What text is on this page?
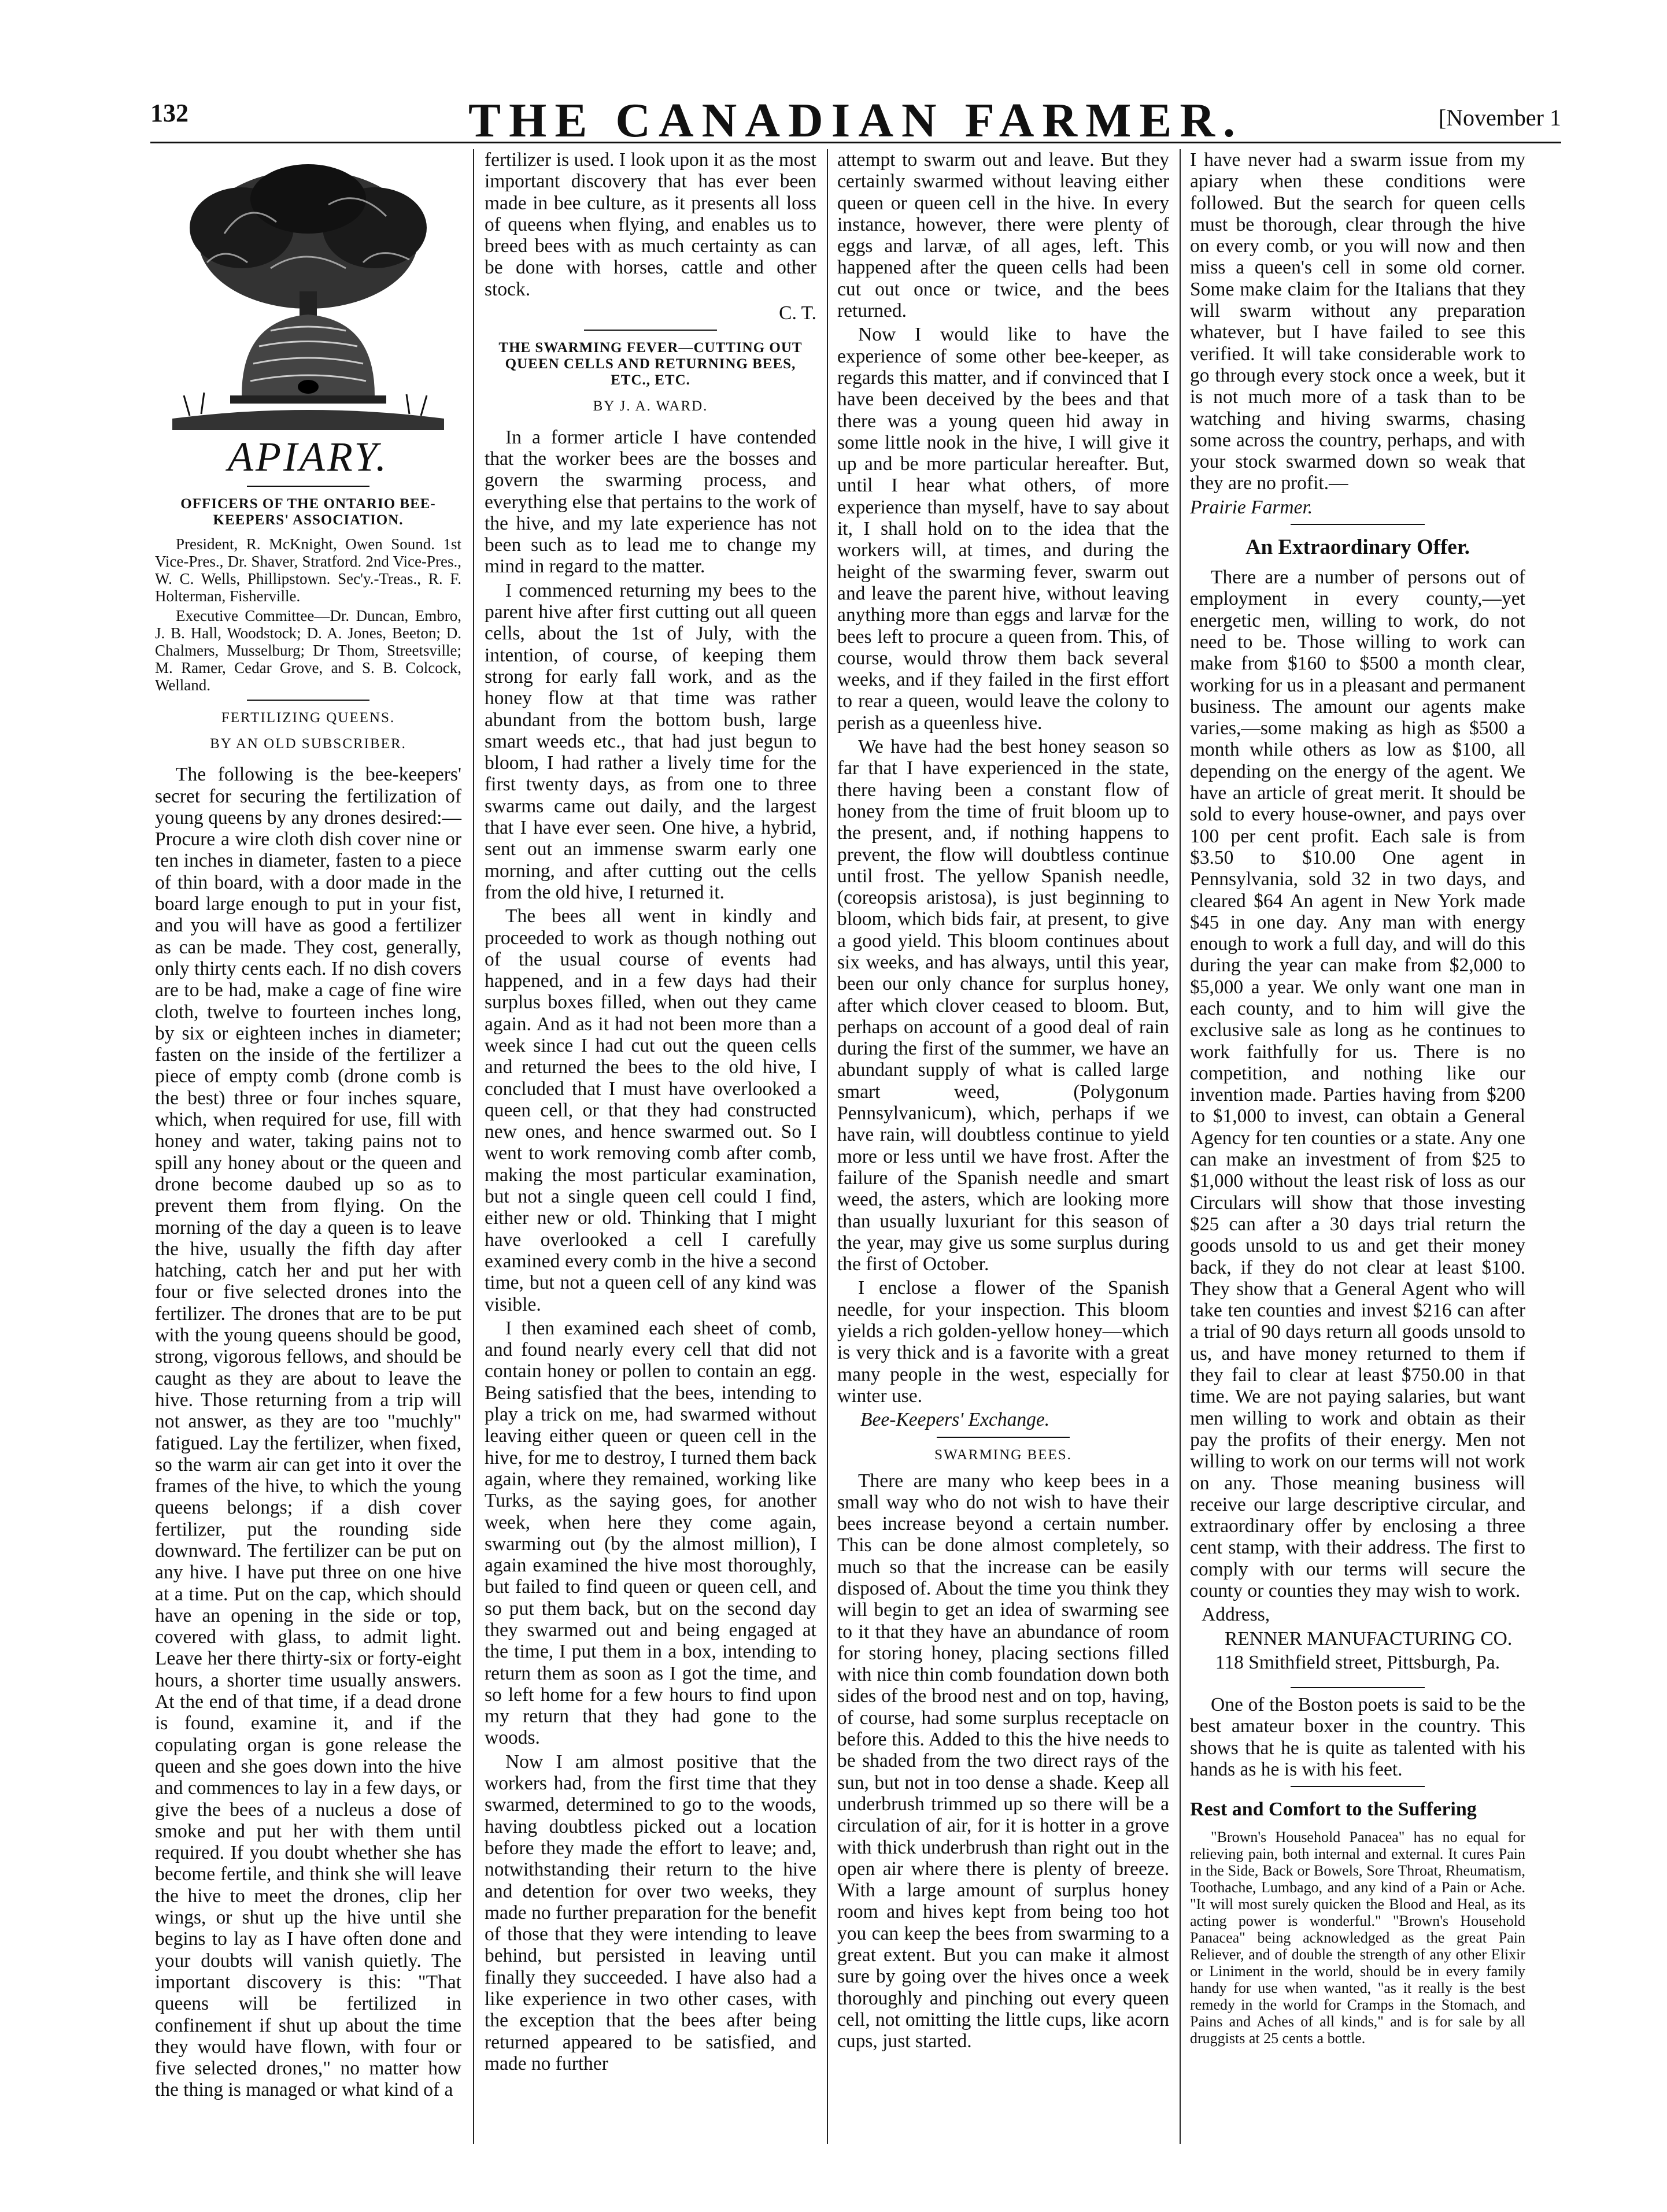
132	THE CANADIAN FARMER.	[November 1
APIARY.
OFFICERS OF THE ONTARIO BEE-KEEPERS' ASSOCIATION.

President, R. McKnight, Owen Sound. 1st Vice-Pres., Dr. Shaver, Stratford. 2nd Vice-Pres., W. C. Wells, Phillipstown. Sec'y.-Treas., R. F. Holterman, Fisherville.

Executive Committee—Dr. Duncan, Embro, J. B. Hall, Woodstock; D. A. Jones, Beeton; D. Chalmers, Musselburg; Dr Thom, Streetsville; M. Ramer, Cedar Grove, and S. B. Colcock, Welland.

FERTILIZING QUEENS.
BY AN OLD SUBSCRIBER.

The following is the bee-keepers' secret for securing the fertilization of young queens by any drones desired:—Procure a wire cloth dish cover nine or ten inches in diameter, fasten to a piece of thin board, with a door made in the board large enough to put in your fist, and you will have as good a fertilizer as can be made. They cost, generally, only thirty cents each. If no dish covers are to be had, make a cage of fine wire cloth, twelve to fourteen inches long, by six or eighteen inches in diameter; fasten on the inside of the fertilizer a piece of empty comb (drone comb is the best) three or four inches square, which, when required for use, fill with honey and water, taking pains not to spill any honey about or the queen and drone become daubed up so as to prevent them from flying. On the morning of the day a queen is to leave the hive, usually the fifth day after hatching, catch her and put her with four or five selected drones into the fertilizer. The drones that are to be put with the young queens should be good, strong, vigorous fellows, and should be caught as they are about to leave the hive. Those returning from a trip will not answer, as they are too "muchly" fatigued. Lay the fertilizer, when fixed, so the warm air can get into it over the frames of the hive, to which the young queens belongs; if a dish cover fertilizer, put the rounding side downward. The fertilizer can be put on any hive. I have put three on one hive at a time. Put on the cap, which should have an opening in the side or top, covered with glass, to admit light. Leave her there thirty-six or forty-eight hours, a shorter time usually answers. At the end of that time, if a dead drone is found, examine it, and if the copulating organ is gone release the queen and she goes down into the hive and commences to lay in a few days, or give the bees of a nucleus a dose of smoke and put her with them until required. If you doubt whether she has become fertile, and think she will leave the hive to meet the drones, clip her wings, or shut up the hive until she begins to lay as I have often done and your doubts will vanish quietly. The important discovery is this: "That queens will be fertilized in confinement if shut up about the time they would have flown, with four or five selected drones," no matter how the thing is managed or what kind of a

fertilizer is used. I look upon it as the most important discovery that has ever been made in bee culture, as it presents all loss of queens when flying, and enables us to breed bees with as much certainty as can be done with horses, cattle and other stock.

C. T.
THE SWARMING FEVER—CUTTING OUT QUEEN CELLS AND RETURNING BEES, ETC., ETC.
BY J. A. WARD.

In a former article I have contended that the worker bees are the bosses and govern the swarming process, and everything else that pertains to the work of the hive, and my late experience has not been such as to lead me to change my mind in regard to the matter.

I commenced returning my bees to the parent hive after first cutting out all queen cells, about the 1st of July, with the intention, of course, of keeping them strong for early fall work, and as the honey flow at that time was rather abundant from the bottom bush, large smart weeds etc., that had just begun to bloom, I had rather a lively time for the first twenty days, as from one to three swarms came out daily, and the largest that I have ever seen. One hive, a hybrid, sent out an immense swarm early one morning, and after cutting out the cells from the old hive, I returned it.

The bees all went in kindly and proceeded to work as though nothing out of the usual course of events had happened, and in a few days had their surplus boxes filled, when out they came again. And as it had not been more than a week since I had cut out the queen cells and returned the bees to the old hive, I concluded that I must have overlooked a queen cell, or that they had constructed new ones, and hence swarmed out. So I went to work removing comb after comb, making the most particular examination, but not a single queen cell could I find, either new or old. Thinking that I might have overlooked a cell I carefully examined every comb in the hive a second time, but not a queen cell of any kind was visible.

I then examined each sheet of comb, and found nearly every cell that did not contain honey or pollen to contain an egg. Being satisfied that the bees, intending to play a trick on me, had swarmed without leaving either queen or queen cell in the hive, for me to destroy, I turned them back again, where they remained, working like Turks, as the saying goes, for another week, when here they come again, swarming out (by the almost million), I again examined the hive most thoroughly, but failed to find queen or queen cell, and so put them back, but on the second day they swarmed out and being engaged at the time, I put them in a box, intending to return them as soon as I got the time, and so left home for a few hours to find upon my return that they had gone to the woods.

Now I am almost positive that the workers had, from the first time that they swarmed, determined to go to the woods, having doubtless picked out a location before they made the effort to leave; and, notwithstanding their return to the hive and detention for over two weeks, they made no further preparation for the benefit of those that they were intending to leave behind, but persisted in leaving until finally they succeeded. I have also had a like experience in two other cases, with the exception that the bees after being returned appeared to be satisfied, and made no further

attempt to swarm out and leave. But they certainly swarmed without leaving either queen or queen cell in the hive. In every instance, however, there were plenty of eggs and larvæ, of all ages, left. This happened after the queen cells had been cut out once or twice, and the bees returned.

Now I would like to have the experience of some other bee-keeper, as regards this matter, and if convinced that I have been deceived by the bees and that there was a young queen hid away in some little nook in the hive, I will give it up and be more particular hereafter. But, until I hear what others, of more experience than myself, have to say about it, I shall hold on to the idea that the workers will, at times, and during the height of the swarming fever, swarm out and leave the parent hive, without leaving anything more than eggs and larvæ for the bees left to procure a queen from. This, of course, would throw them back several weeks, and if they failed in the first effort to rear a queen, would leave the colony to perish as a queenless hive.

We have had the best honey season so far that I have experienced in the state, there having been a constant flow of honey from the time of fruit bloom up to the present, and, if nothing happens to prevent, the flow will doubtless continue until frost. The yellow Spanish needle, (coreopsis aristosa), is just beginning to bloom, which bids fair, at present, to give a good yield. This bloom continues about six weeks, and has always, until this year, been our only chance for surplus honey, after which clover ceased to bloom. But, perhaps on account of a good deal of rain during the first of the summer, we have an abundant supply of what is called large smart weed, (Polygonum Pennsylvanicum), which, perhaps if we have rain, will doubtless continue to yield more or less until we have frost. After the failure of the Spanish needle and smart weed, the asters, which are looking more than usually luxuriant for this season of the year, may give us some surplus during the first of October.

I enclose a flower of the Spanish needle, for your inspection. This bloom yields a rich golden-yellow honey—which is very thick and is a favorite with a great many people in the west, especially for winter use.

Bee-Keepers' Exchange.
SWARMING BEES.

There are many who keep bees in a small way who do not wish to have their bees increase beyond a certain number. This can be done almost completely, so much so that the increase can be easily disposed of. About the time you think they will begin to get an idea of swarming see to it that they have an abundance of room for storing honey, placing sections filled with nice thin comb foundation down both sides of the brood nest and on top, having, of course, had some surplus receptacle on before this. Added to this the hive needs to be shaded from the two direct rays of the sun, but not in too dense a shade. Keep all underbrush trimmed up so there will be a circulation of air, for it is hotter in a grove with thick underbrush than right out in the open air where there is plenty of breeze. With a large amount of surplus honey room and hives kept from being too hot you can keep the bees from swarming to a great extent. But you can make it almost sure by going over the hives once a week thoroughly and pinching out every queen cell, not omitting the little cups, like acorn cups, just started.

I have never had a swarm issue from my apiary when these conditions were followed. But the search for queen cells must be thorough, clear through the hive on every comb, or you will now and then miss a queen's cell in some old corner. Some make claim for the Italians that they will swarm without any preparation whatever, but I have failed to see this verified. It will take considerable work to go through every stock once a week, but it is not much more of a task than to be watching and hiving swarms, chasing some across the country, perhaps, and with your stock swarmed down so weak that they are no profit.—

Prairie Farmer.
An Extraordinary Offer.

There are a number of persons out of employment in every county,—yet energetic men, willing to work, do not need to be. Those willing to work can make from $160 to $500 a month clear, working for us in a pleasant and permanent business. The amount our agents make varies,—some making as high as $500 a month while others as low as $100, all depending on the energy of the agent. We have an article of great merit. It should be sold to every house-owner, and pays over 100 per cent profit. Each sale is from $3.50 to $10.00 One agent in Pennsylvania, sold 32 in two days, and cleared $64 An agent in New York made $45 in one day. Any man with energy enough to work a full day, and will do this during the year can make from $2,000 to $5,000 a year. We only want one man in each county, and to him will give the exclusive sale as long as he continues to work faithfully for us. There is no competition, and nothing like our invention made. Parties having from $200 to $1,000 to invest, can obtain a General Agency for ten counties or a state. Any one can make an investment of from $25 to $1,000 without the least risk of loss as our Circulars will show that those investing $25 can after a 30 days trial return the goods unsold to us and get their money back, if they do not clear at least $100. They show that a General Agent who will take ten counties and invest $216 can after a trial of 90 days return all goods unsold to us, and have money returned to them if they fail to clear at least $750.00 in that time. We are not paying salaries, but want men willing to work and obtain as their pay the profits of their energy. Men not willing to work on our terms will not work on any. Those meaning business will receive our large descriptive circular, and extraordinary offer by enclosing a three cent stamp, with their address. The first to comply with our terms will secure the county or counties they may wish to work.

Address,

RENNER MANUFACTURING CO.

118 Smithfield street, Pittsburgh, Pa.

One of the Boston poets is said to be the best amateur boxer in the country. This shows that he is quite as talented with his hands as he is with his feet.

Rest and Comfort to the Suffering

"Brown's Household Panacea" has no equal for relieving pain, both internal and external. It cures Pain in the Side, Back or Bowels, Sore Throat, Rheumatism, Toothache, Lumbago, and any kind of a Pain or Ache. "It will most surely quicken the Blood and Heal, as its acting power is wonderful." "Brown's Household Panacea" being acknowledged as the great Pain Reliever, and of double the strength of any other Elixir or Liniment in the world, should be in every family handy for use when wanted, "as it really is the best remedy in the world for Cramps in the Stomach, and Pains and Aches of all kinds," and is for sale by all druggists at 25 cents a bottle.
